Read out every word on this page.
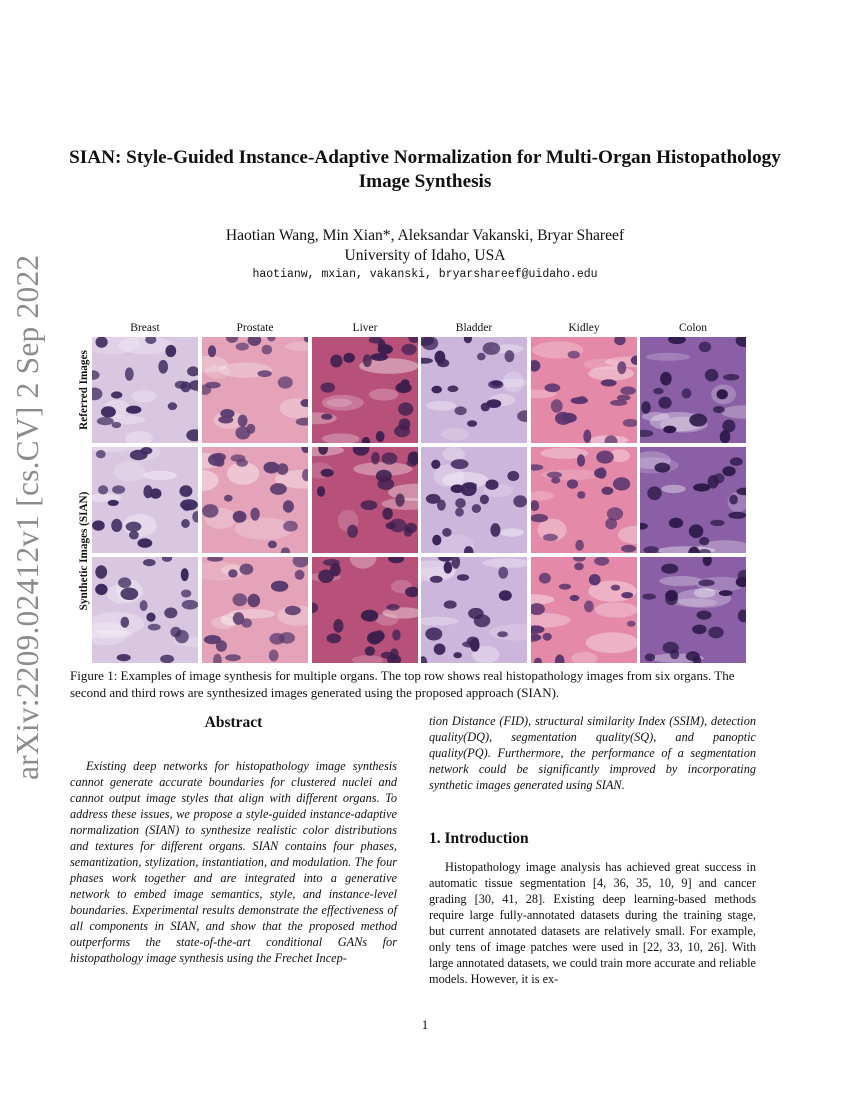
arXiv:2209.02412v1 [cs.CV] 2 Sep 2022
SIAN: Style-Guided Instance-Adaptive Normalization for Multi-Organ Histopathology Image Synthesis
Haotian Wang, Min Xian*, Aleksandar Vakanski, Bryar Shareef
University of Idaho, USA
haotianw, mxian, vakanski, bryarshareef@uidaho.edu
Breast	Prostate	Liver	Bladder	Kidley	Colon
Referred Images
Synthetic Images (SIAN)
Figure 1: Examples of image synthesis for multiple organs. The top row shows real histopathology images from six organs. The second and third rows are synthesized images generated using the proposed approach (SIAN).
Abstract
Existing deep networks for histopathology image synthesis cannot generate accurate boundaries for clustered nuclei and cannot output image styles that align with different organs. To address these issues, we propose a style-guided instance-adaptive normalization (SIAN) to synthesize realistic color distributions and textures for different organs. SIAN contains four phases, semantization, stylization, instantiation, and modulation. The four phases work together and are integrated into a generative network to embed image semantics, style, and instance-level boundaries. Experimental results demonstrate the effectiveness of all components in SIAN, and show that the proposed method outperforms the state-of-the-art conditional GANs for histopathology image synthesis using the Frechet Incep-
tion Distance (FID), structural similarity Index (SSIM), detection quality(DQ), segmentation quality(SQ), and panoptic quality(PQ). Furthermore, the performance of a segmentation network could be significantly improved by incorporating synthetic images generated using SIAN.
1. Introduction
Histopathology image analysis has achieved great success in automatic tissue segmentation [4, 36, 35, 10, 9] and cancer grading [30, 41, 28]. Existing deep learning-based methods require large fully-annotated datasets during the training stage, but current annotated datasets are relatively small. For example, only tens of image patches were used in [22, 33, 10, 26]. With large annotated datasets, we could train more accurate and reliable models. However, it is ex-
1
